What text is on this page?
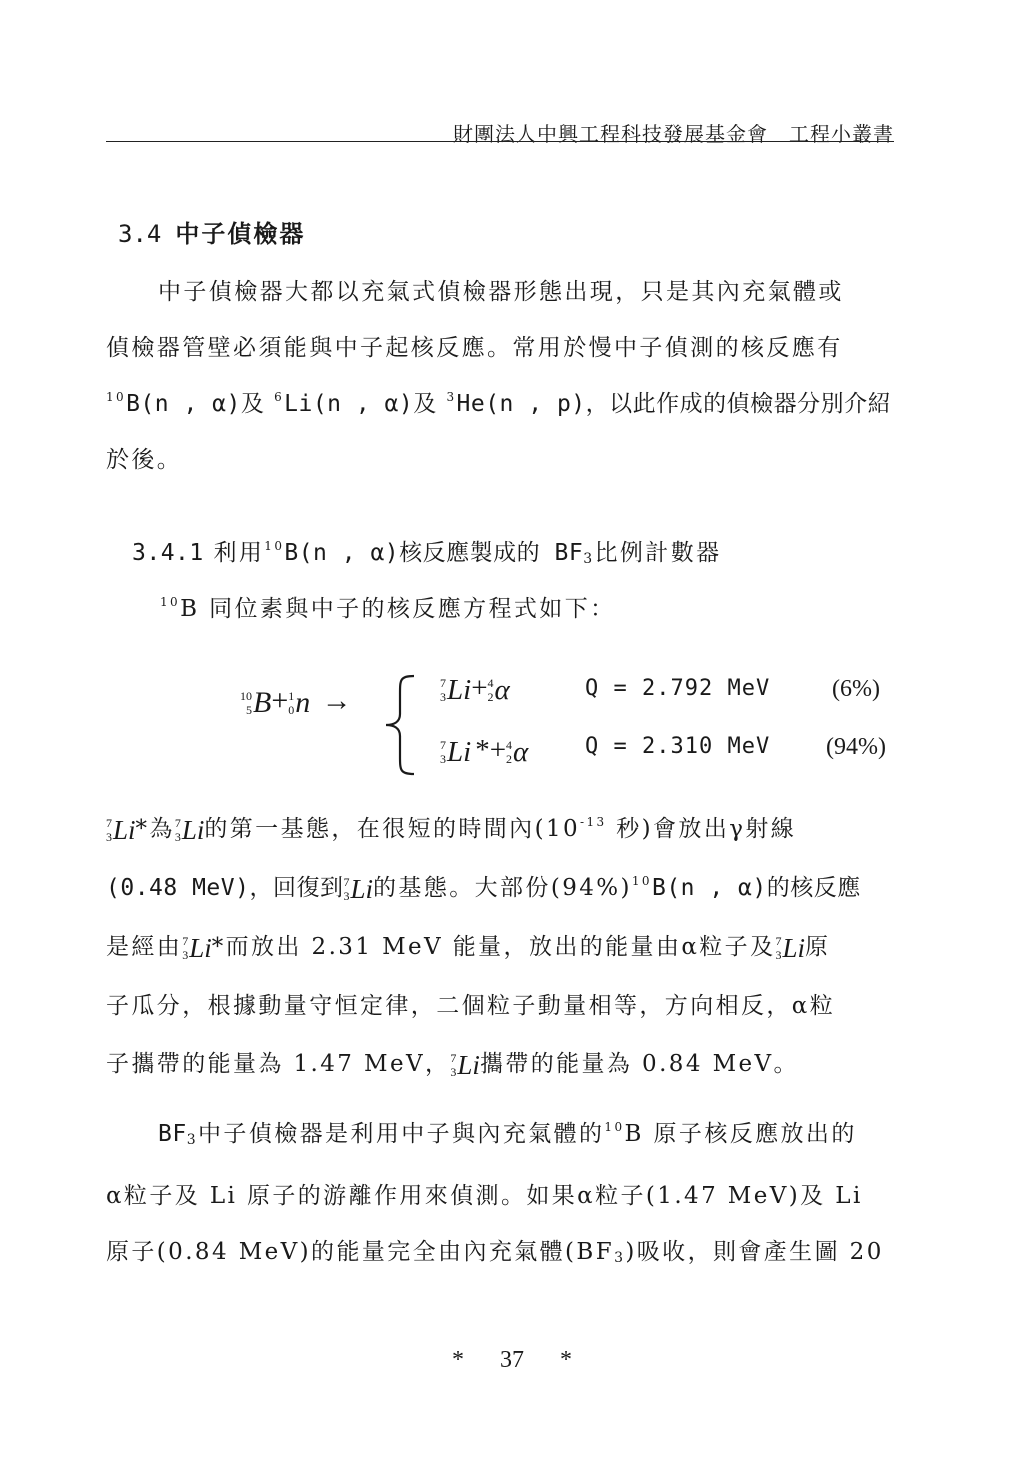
財團法人中興工程科技發展基金會　工程小叢書
3.4 中子偵檢器
中子偵檢器大都以充氣式偵檢器形態出現，只是其內充氣體或
偵檢器管壁必須能與中子起核反應。常用於慢中子偵測的核反應有
$^{10}$B(n , α)及 $^6$Li(n , α)及 $^3$He(n , p)，以此作成的偵檢器分別介紹
於後。
3.4.1 利用$^{10}$B(n , α)核反應製成的 $BF_3$比例計數器
$^{10}$B 同位素與中子的核反應方程式如下：
10
5 B + 1
0 n →
7
3 Li + 4
2 α	Q = 2.792 MeV	(6%)
7
3 Li *+ 4
2 α	Q = 2.310 MeV (94%)
7
3 Li *為 7
3 Li 的第一基態，在很短的時間內($10^{-13}$ 秒)會放出γ射線
(0.48 MeV)，回復到 7
3 Li 的基態。大部份$(94\%)^{10}B(n$ , α)的核反應
是經由 7
3 Li *而放出 2.31 MeV 能量，放出的能量由α粒子及 7
3 Li 原
子瓜分，根據動量守恒定律，二個粒子動量相等，方向相反，α粒
子攜帶的能量為 1.47 MeV， 7
3 Li 攜帶的能量為 0.84 MeV。
$BF_3$中子偵檢器是利用中子與內充氣體的$^{10}$B 原子核反應放出的
α粒子及 Li 原子的游離作用來偵測。如果α粒子(1.47 MeV)及 Li
原子(0.84 MeV)的能量完全由內充氣體$(BF_3)$吸收，則會產生圖 20
* 37 *
